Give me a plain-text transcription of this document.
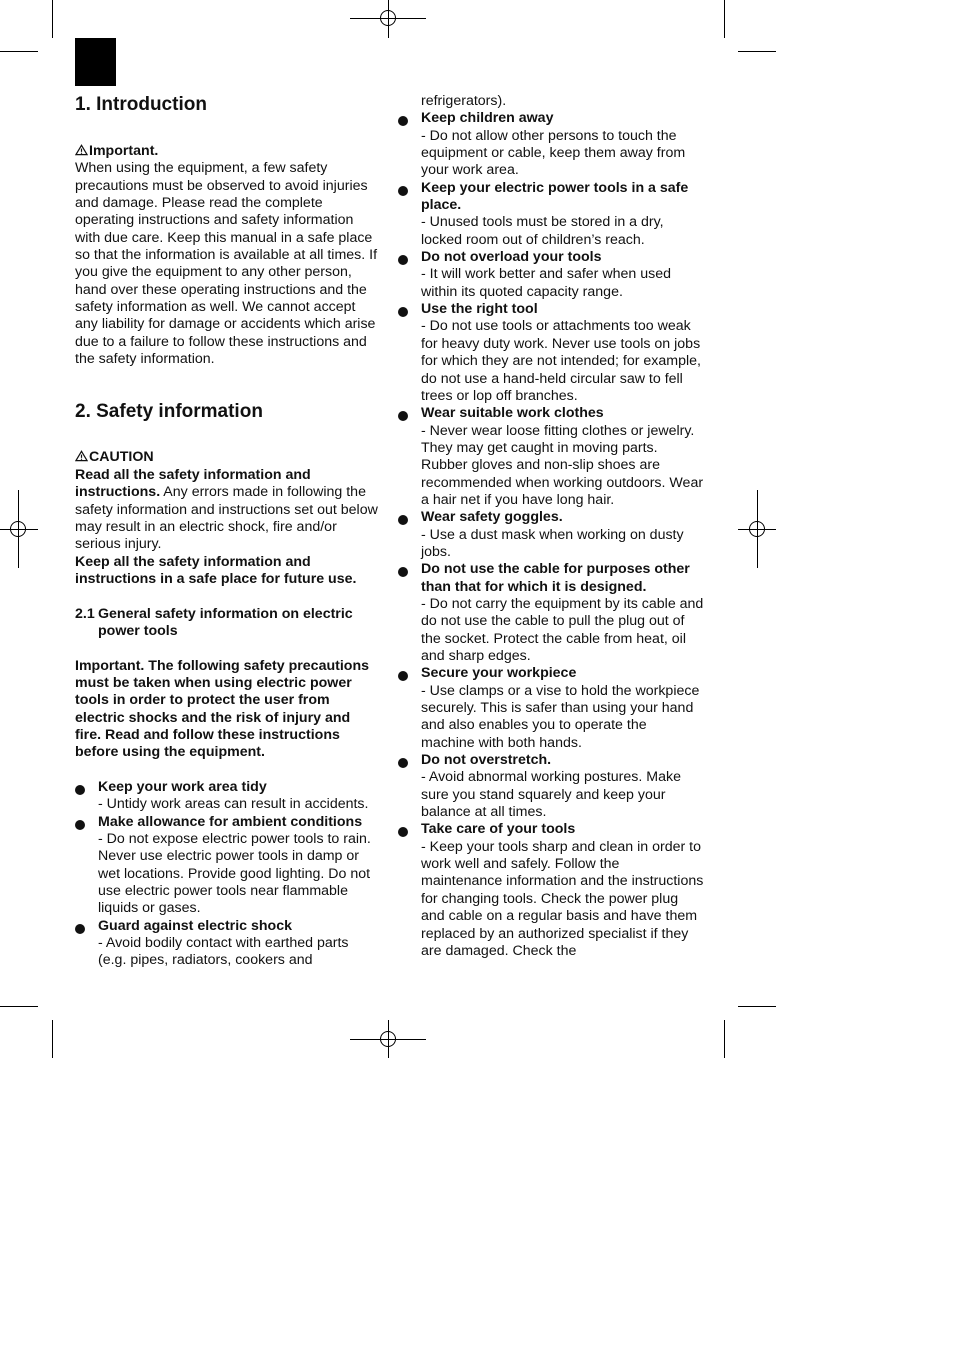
1. Introduction

Important.

When using the equipment, a few safety precautions must be observed to avoid injuries and damage. Please read the complete operating instructions and safety information with due care. Keep this manual in a safe place so that the information is available at all times. If you give the equipment to any other person, hand over these operating instructions and the safety information as well. We cannot accept any liability for damage or accidents which arise due to a failure to follow these instructions and the safety information.

2. Safety information

CAUTION

Read all the safety information and instructions. Any errors made in following the safety information and instructions set out below may result in an electric shock, fire and/or serious injury.

Keep all the safety information and instructions in a safe place for future use.

2.1 General safety information on electric power tools

Important. The following safety precautions must be taken when using electric power tools in order to protect the user from electric shocks and the risk of injury and fire. Read and follow these instructions before using the equipment.

Keep your work area tidy

- Untidy work areas can result in accidents.

Make allowance for ambient conditions

- Do not expose electric power tools to rain. Never use electric power tools in damp or wet locations. Provide good lighting. Do not use electric power tools near flammable liquids or gases.

Guard against electric shock

- Avoid bodily contact with earthed parts (e.g. pipes, radiators, cookers and

refrigerators).

Keep children away

- Do not allow other persons to touch the equipment or cable, keep them away from your work area.

Keep your electric power tools in a safe place.

- Unused tools must be stored in a dry, locked room out of children’s reach.

Do not overload your tools

- It will work better and safer when used within its quoted capacity range.

Use the right tool

- Do not use tools or attachments too weak for heavy duty work. Never use tools on jobs for which they are not intended; for example, do not use a hand-held circular saw to fell trees or lop off branches.

Wear suitable work clothes

- Never wear loose fitting clothes or jewelry. They may get caught in moving parts. Rubber gloves and non-slip shoes are recommended when working outdoors. Wear a hair net if you have long hair.

Wear safety goggles.

- Use a dust mask when working on dusty jobs.

Do not use the cable for purposes other than that for which it is designed.

- Do not carry the equipment by its cable and do not use the cable to pull the plug out of the socket. Protect the cable from heat, oil and sharp edges.

Secure your workpiece

- Use clamps or a vise to hold the workpiece securely. This is safer than using your hand and also enables you to operate the machine with both hands.

Do not overstretch.

- Avoid abnormal working postures. Make sure you stand squarely and keep your balance at all times.

Take care of your tools

- Keep your tools sharp and clean in order to work well and safely. Follow the maintenance information and the instructions for changing tools. Check the power plug and cable on a regular basis and have them replaced by an authorized specialist if they are damaged. Check the
